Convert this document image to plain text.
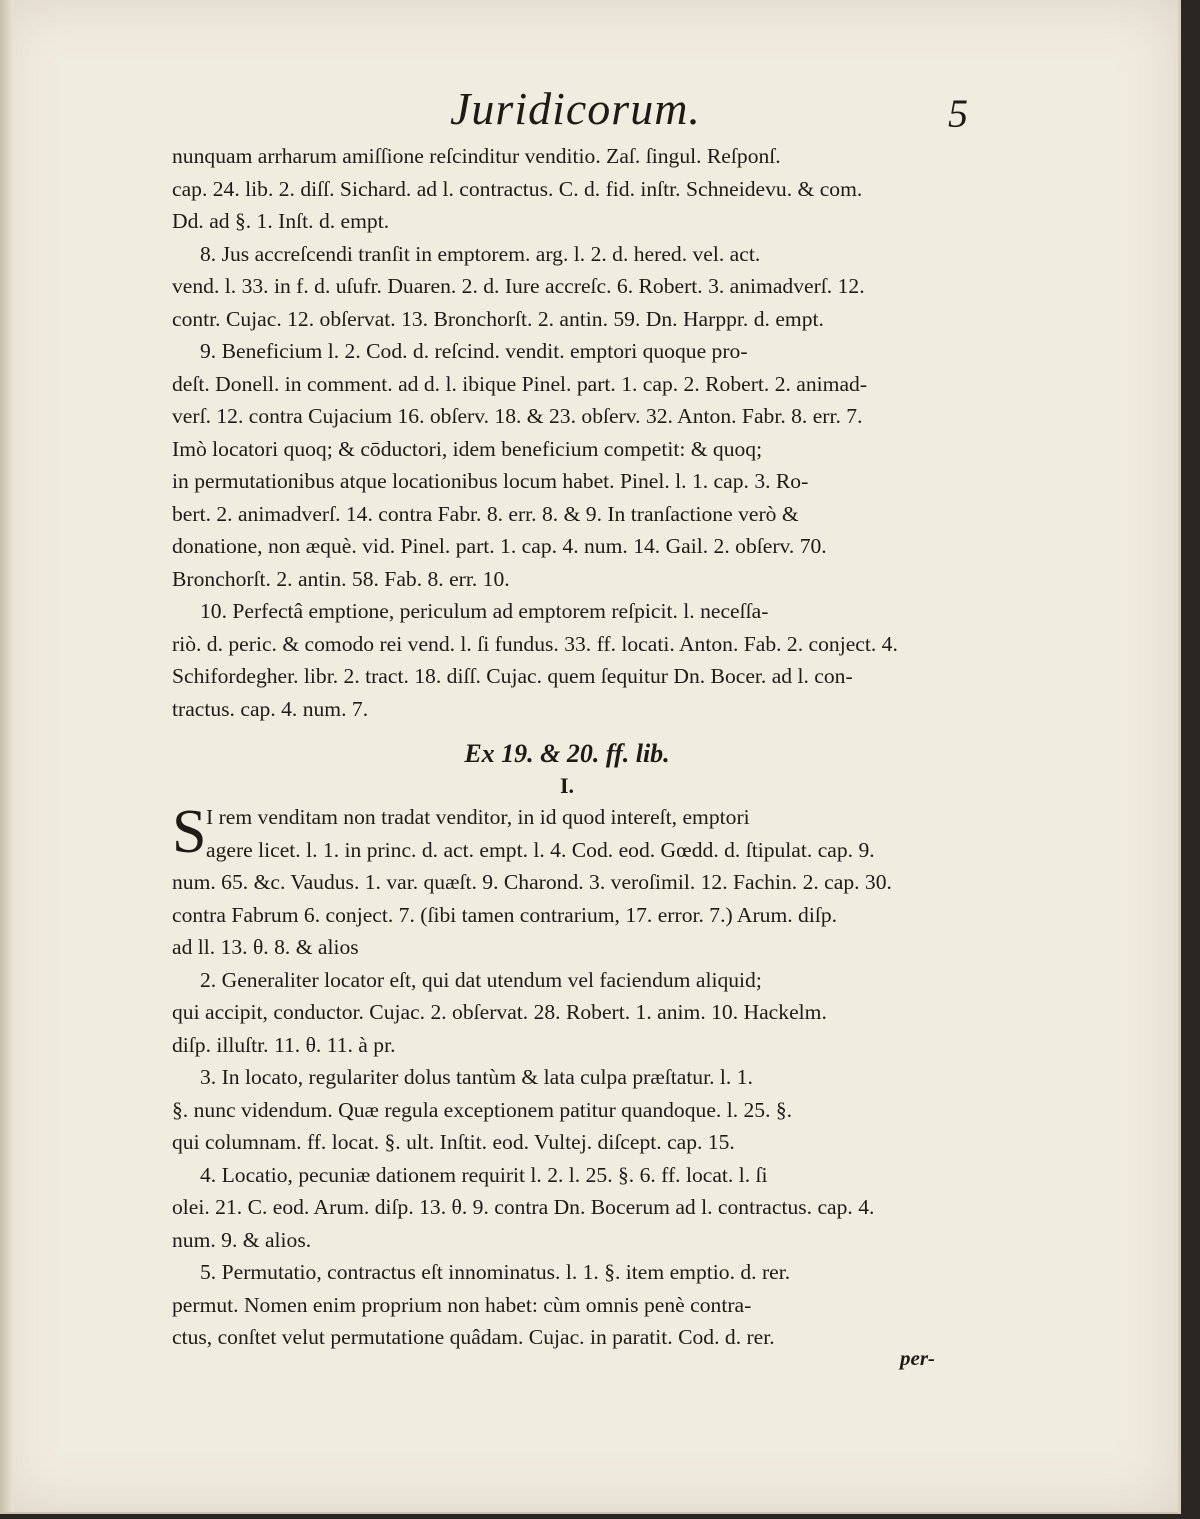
Juridicorum.	5
nunquam arrharum amiſſione reſcinditur venditio. Zaſ. ſingul. Reſponſ.
cap. 24. lib. 2. diſſ. Sichard. ad l. contractus. C. d. fid. inſtr. Schneidevu. & com.
Dd. ad §. 1. Inſt. d. empt.
8. Jus accreſcendi tranſit in emptorem. arg. l. 2. d. hered. vel. act.
vend. l. 33. in f. d. uſufr. Duaren. 2. d. Iure accreſc. 6. Robert. 3. animadverſ. 12.
contr. Cujac. 12. obſervat. 13. Bronchorſt. 2. antin. 59. Dn. Harppr. d. empt.
9. Beneficium l. 2. Cod. d. reſcind. vendit. emptori quoque pro-
deſt. Donell. in comment. ad d. l. ibique Pinel. part. 1. cap. 2. Robert. 2. animad-
verſ. 12. contra Cujacium 16. obſerv. 18. & 23. obſerv. 32. Anton. Fabr. 8. err. 7.
Imò locatori quoq; & cōductori, idem beneficium competit: & quoq;
in permutationibus atque locationibus locum habet. Pinel. l. 1. cap. 3. Ro-
bert. 2. animadverſ. 14. contra Fabr. 8. err. 8. & 9. In tranſactione verò &
donatione, non æquè. vid. Pinel. part. 1. cap. 4. num. 14. Gail. 2. obſerv. 70.
Bronchorſt. 2. antin. 58. Fab. 8. err. 10.
10. Perfectâ emptione, periculum ad emptorem reſpicit. l. neceſſa-
riò. d. peric. & comodo rei vend. l. ſi fundus. 33. ff. locati. Anton. Fab. 2. conject. 4.
Schifordegher. libr. 2. tract. 18. diſſ. Cujac. quem ſequitur Dn. Bocer. ad l. con-
tractus. cap. 4. num. 7.
Ex 19. & 20. ff. lib.
I.
S I rem venditam non tradat venditor, in id quod intereſt, emptori
agere licet. l. 1. in princ. d. act. empt. l. 4. Cod. eod. Gœdd. d. ſtipulat. cap. 9.
num. 65. &c. Vaudus. 1. var. quæſt. 9. Charond. 3. veroſimil. 12. Fachin. 2. cap. 30.
contra Fabrum 6. conject. 7. (ſibi tamen contrarium, 17. error. 7.) Arum. diſp.
ad ll. 13. θ. 8. & alios
2. Generaliter locator eſt, qui dat utendum vel faciendum aliquid;
qui accipit, conductor. Cujac. 2. obſervat. 28. Robert. 1. anim. 10. Hackelm.
diſp. illuſtr. 11. θ. 11. à pr.
3. In locato, regulariter dolus tantùm & lata culpa præſtatur. l. 1.
§. nunc videndum. Quæ regula exceptionem patitur quandoque. l. 25. §.
qui columnam. ff. locat. §. ult. Inſtit. eod. Vultej. diſcept. cap. 15.
4. Locatio, pecuniæ dationem requirit l. 2. l. 25. §. 6. ff. locat. l. ſi
olei. 21. C. eod. Arum. diſp. 13. θ. 9. contra Dn. Bocerum ad l. contractus. cap. 4.
num. 9. & alios.
5. Permutatio, contractus eſt innominatus. l. 1. §. item emptio. d. rer.
permut. Nomen enim proprium non habet: cùm omnis penè contra-
ctus, conſtet velut permutatione quâdam. Cujac. in paratit. Cod. d. rer.
per-
